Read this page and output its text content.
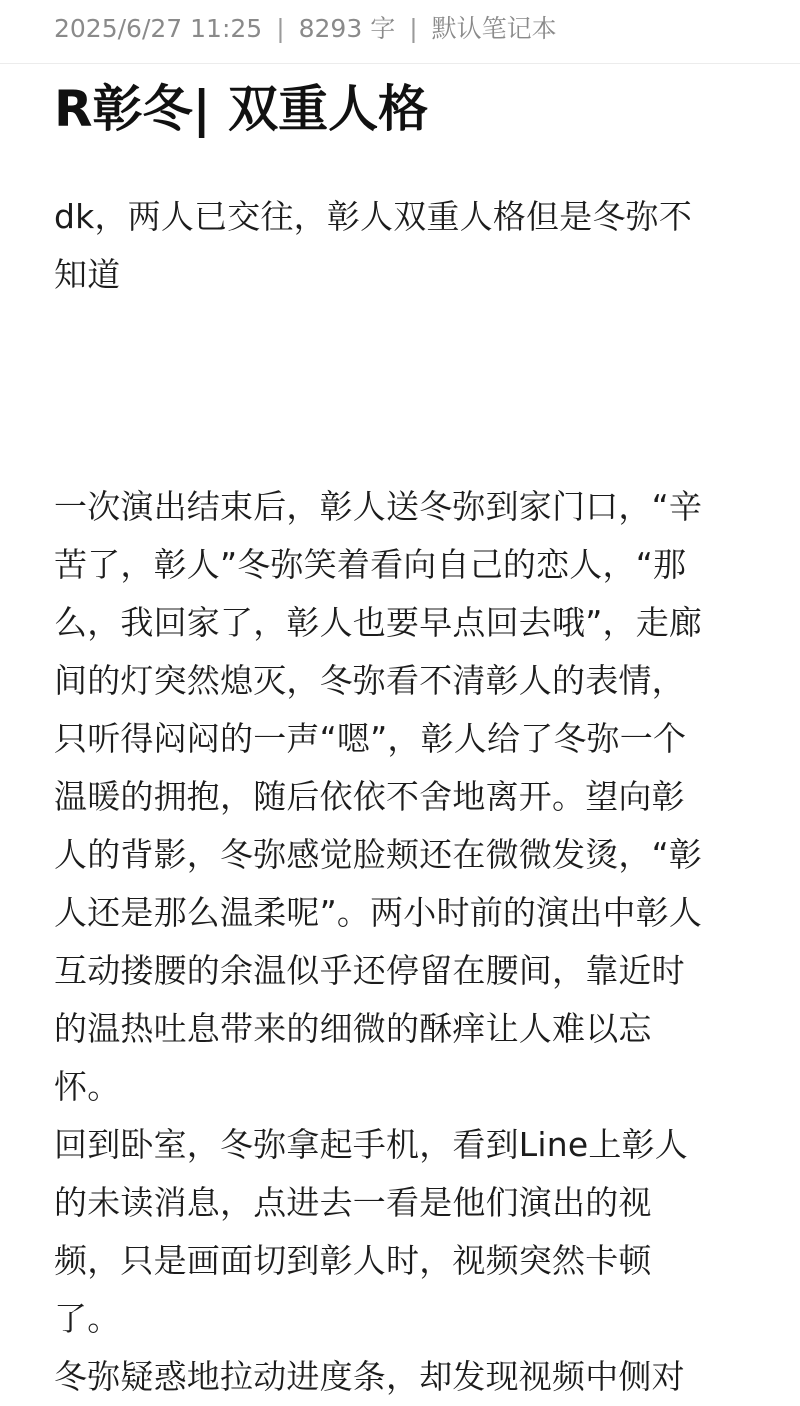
2025/6/27 11:25 | 8293 字 | 默认笔记本
R彰冬| 双重人格

dk，两人已交往，彰人双重人格但是冬弥不
知道

一次演出结束后，彰人送冬弥到家门口，“辛
苦了，彰人”冬弥笑着看向自己的恋人，“那
么，我回家了，彰人也要早点回去哦”，走廊
间的灯突然熄灭，冬弥看不清彰人的表情，
只听得闷闷的一声“嗯”，彰人给了冬弥一个
温暖的拥抱，随后依依不舍地离开。望向彰
人的背影，冬弥感觉脸颊还在微微发烫，“彰
人还是那么温柔呢”。两小时前的演出中彰人
互动搂腰的余温似乎还停留在腰间，靠近时
的温热吐息带来的细微的酥痒让人难以忘
怀。

回到卧室，冬弥拿起手机，看到Line上彰人
的未读消息，点进去一看是他们演出的视
频，只是画面切到彰人时，视频突然卡顿
了。

冬弥疑惑地拉动进度条，却发现视频中侧对
